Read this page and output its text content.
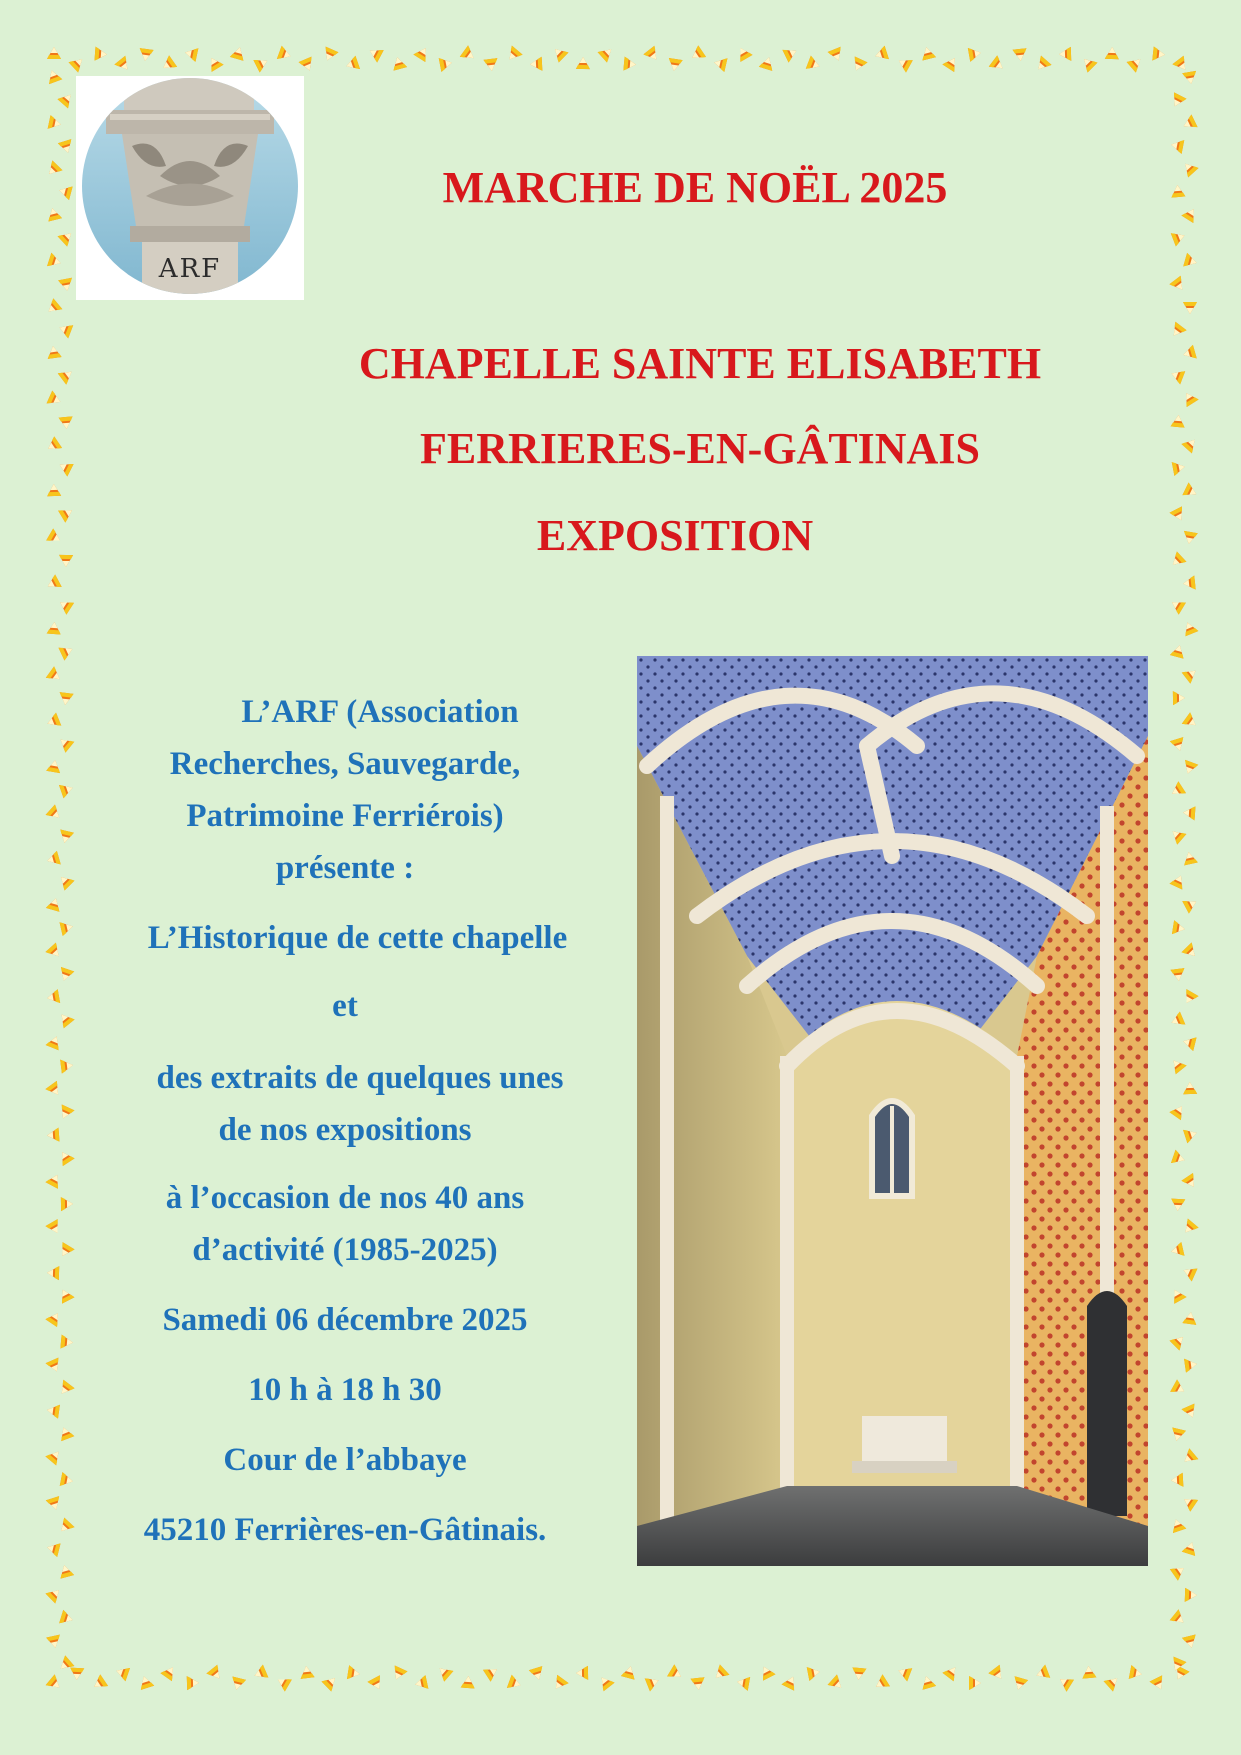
ARF
MARCHE DE NOËL 2025
CHAPELLE SAINTE ELISABETH
FERRIERES-EN-GÂTINAIS
EXPOSITION
L’ARF (Association
Recherches, Sauvegarde,
Patrimoine Ferriérois)
présente :
L’Historique de cette chapelle
et
des extraits de quelques unes
de nos expositions
à l’occasion de nos 40 ans
d’activité (1985-2025)
Samedi 06 décembre 2025
10 h à 18 h 30
Cour de l’abbaye
45210 Ferrières-en-Gâtinais.
